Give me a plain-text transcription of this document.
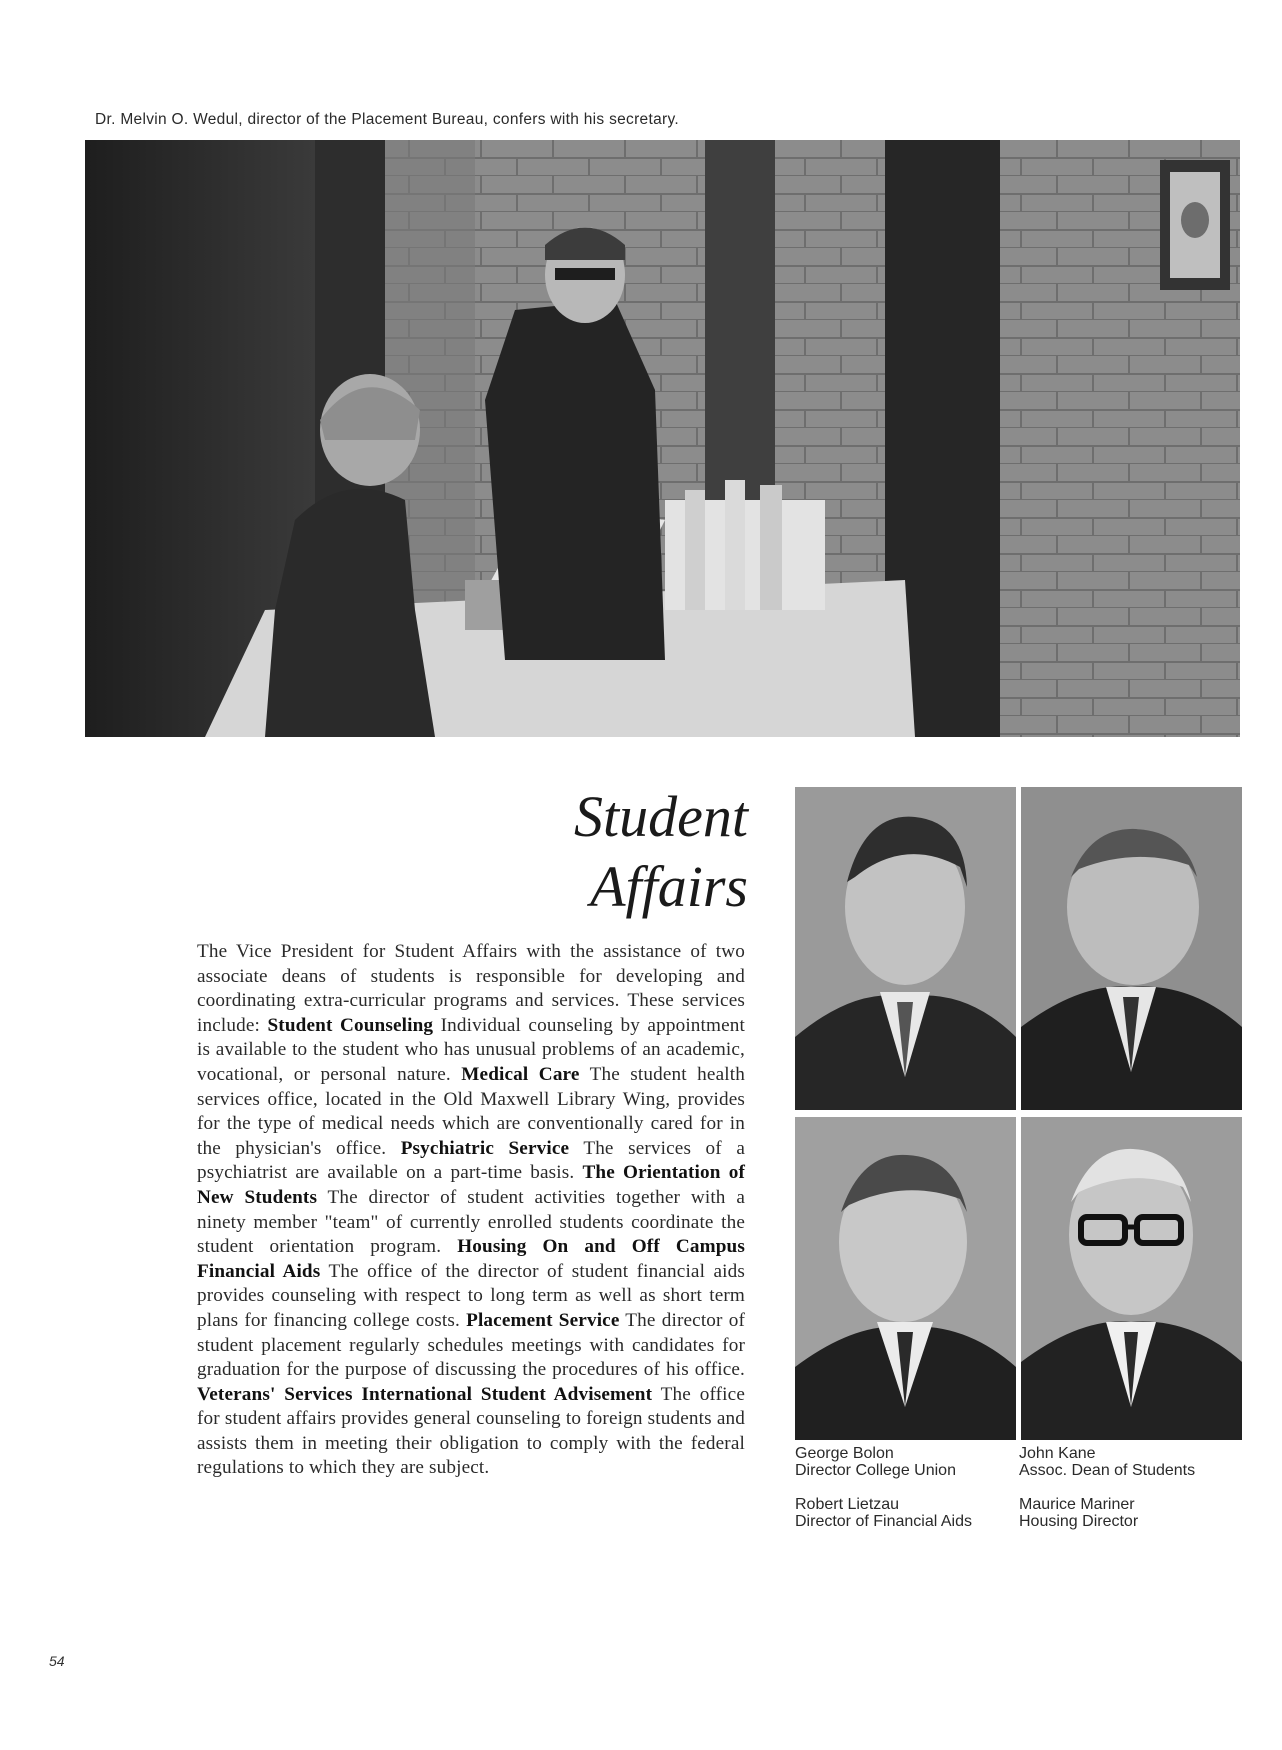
Dr. Melvin O. Wedul, director of the Placement Bureau, confers with his secretary.
Student
Affairs
The Vice President for Student Affairs with the assistance of two associate deans of students is responsible for developing and coordinating extra-curricular programs and services. These services include: Student Counseling Individual counseling by appointment is available to the student who has unusual problems of an academic, vocational, or personal nature. Medical Care The student health services office, located in the Old Maxwell Library Wing, provides for the type of medical needs which are conventionally cared for in the physician's office. Psychiatric Service The services of a psychiatrist are available on a part-time basis. The Orientation of New Students The director of student activities together with a ninety member "team" of currently enrolled students coordinate the student orientation program. Housing On and Off Campus Financial Aids The office of the director of student financial aids provides counseling with respect to long term as well as short term plans for financing college costs. Placement Service The director of student placement regularly schedules meetings with candidates for graduation for the purpose of discussing the procedures of his office. Veterans' Services International Student Advisement The office for student affairs provides general counseling to foreign students and assists them in meeting their obligation to comply with the federal regulations to which they are subject.
George Bolon
Director College Union
John Kane
Assoc. Dean of Students
Robert Lietzau
Director of Financial Aids
Maurice Mariner
Housing Director
54
